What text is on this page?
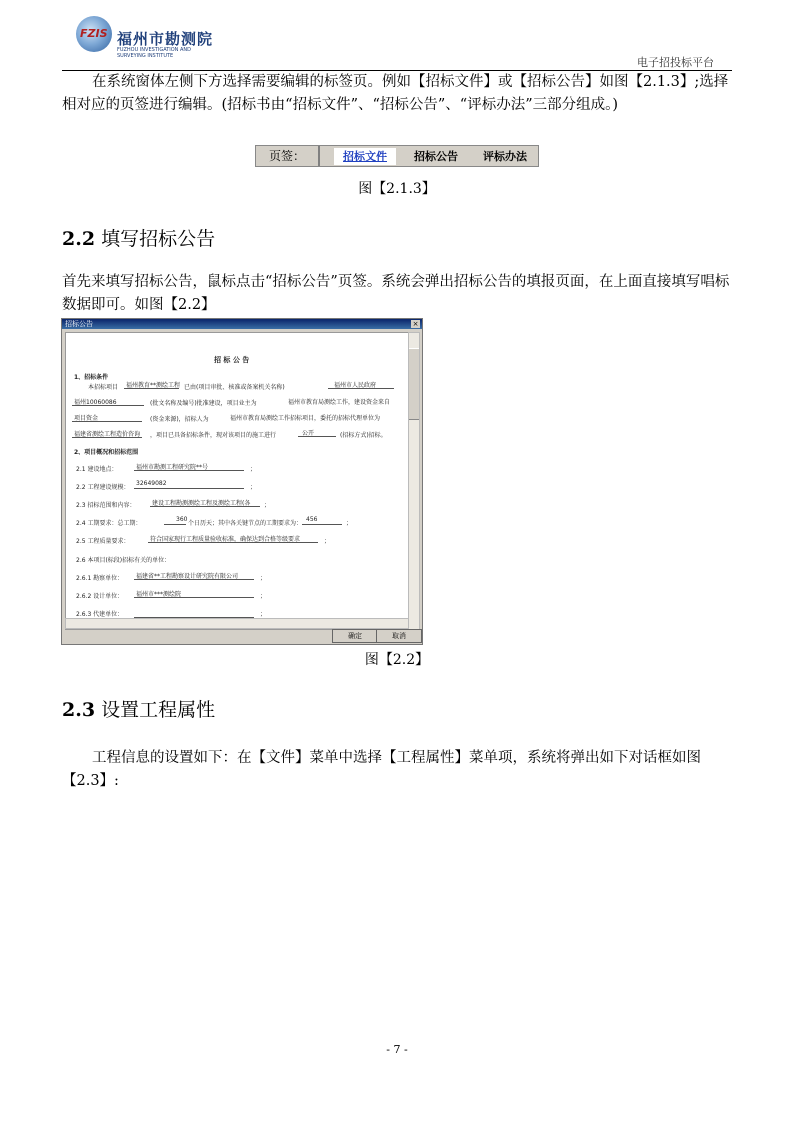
FZIS 福州市勘测院
FUZHOU INVESTIGATION AND SURVEYING INSTITUTE	电子招投标平台
在系统窗体左侧下方选择需要编辑的标签页。例如【招标文件】或【招标公告】如图【2.1.3】;选择相对应的页签进行编辑。(招标书由“招标文件”、“招标公告”、“评标办法”三部分组成。)
页签：	招标文件	招标公告	评标办法
图【2.1.3】
2.2 填写招标公告
首先来填写招标公告，鼠标点击“招标公告”页签。系统会弹出招标公告的填报页面，在上面直接填写唱标数据即可。如图【2.2】
招标公告	×
招 标 公 告
1、招标条件
本招标项目 福州教育**测绘工程 已由(项目审批、核准或备案机关名称)	福州市人民政府
福州10060086	(批文名称及编号)批准建设，项目业主为	福州市教育局测绘工作，建设资金来自
项目资金	(资金来源)，招标人为	福州市教育局测绘工作招标项目，委托的招标代理单位为
福建省测绘工程造价咨询 ，项目已具备招标条件，现对该项目的施工进行	公开	(招标方式)招标。
2、项目概况和招标范围
2.1 建设地点：	福州市勘测工程研究院**号	；
2.2 工程建设规模：
32649082
；
2.3 招标范围和内容：	建设工程勘测测绘工程及测绘工程(各 ；
2.4 工期要求：总工期：
360
个日历天；其中各关键节点的工期要求为：
456
；
2.5 工程质量要求：	符合国家现行工程质量验收标准，确保达到合格等级要求	；
2.6 本项目(标段)招标有关的单位：
2.6.1 勘察单位： 福建省**工程勘察设计研究院有限公司	；
2.6.2 设计单位： 福州市***测绘院	；
2.6.3 代建单位：	；
确定	取消
图【2.2】
2.3 设置工程属性
工程信息的设置如下：在【文件】菜单中选择【工程属性】菜单项，系统将弹出如下对话框如图【2.3】:
- 7 -
